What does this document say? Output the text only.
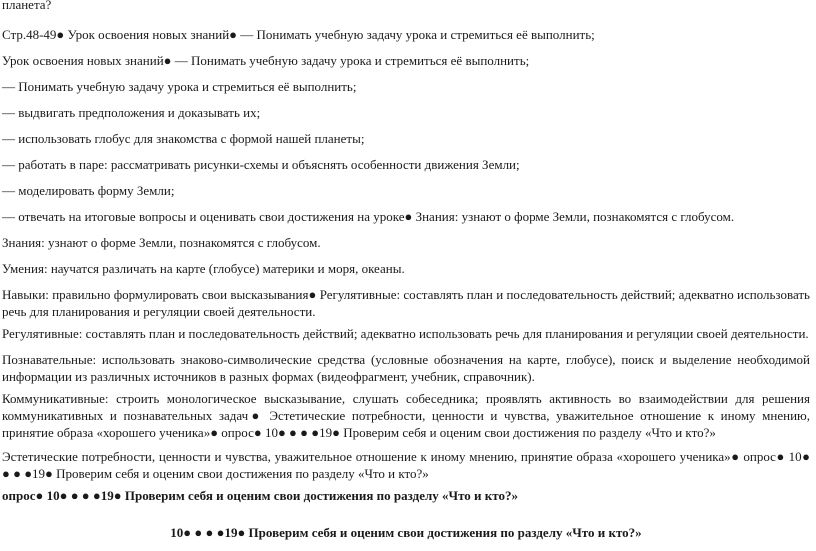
планета?

Стр.48-49● Урок освоения новых знаний● — Понимать учебную задачу урока и стремиться её выполнить;

Урок освоения новых знаний● — Понимать учебную задачу урока и стремиться её выполнить;

— Понимать учебную задачу урока и стремиться её выполнить;

— выдвигать предположения и доказывать их;

— использовать глобус для знакомства с формой нашей планеты;

— работать в паре: рассматривать рисунки-схемы и объяснять особенности движения Земли;

— моделировать форму Земли;

— отвечать на итоговые вопросы и оценивать свои достижения на уроке● Знания: узнают о форме Земли, познакомятся с глобусом.

Знания: узнают о форме Земли, познакомятся с глобусом.

Умения: научатся различать на карте (глобусе) материки и моря, океаны.

Навыки: правильно формулировать свои высказывания● Регулятивные: составлять план и последовательность действий; адекватно использовать речь для планирования и регуляции своей деятельности.

Регулятивные: составлять план и последовательность действий; адекватно использовать речь для планирования и регуляции своей деятельности.

Познавательные: использовать знаково-символические средства (условные обозначения на карте, глобусе), поиск и выделение необходимой информации из различных источников в разных формах (видеофрагмент, учебник, справочник).

Коммуникативные: строить монологическое высказывание, слушать собеседника; проявлять активность во взаимодействии для решения коммуникативных и познавательных задач● Эстетические потребности, ценности и чувства, уважительное отношение к иному мнению, принятие образа «хорошего ученика»● опрос● 10● ● ● ●19● Проверим себя и оценим свои достижения по разделу «Что и кто?»

Эстетические потребности, ценности и чувства, уважительное отношение к иному мнению, принятие образа «хорошего ученика»● опрос● 10● ● ● ●19● Проверим себя и оценим свои достижения по разделу «Что и кто?»

опрос● 10● ● ● ●19● Проверим себя и оценим свои достижения по разделу «Что и кто?»

10● ● ● ●19● Проверим себя и оценим свои достижения по разделу «Что и кто?»
